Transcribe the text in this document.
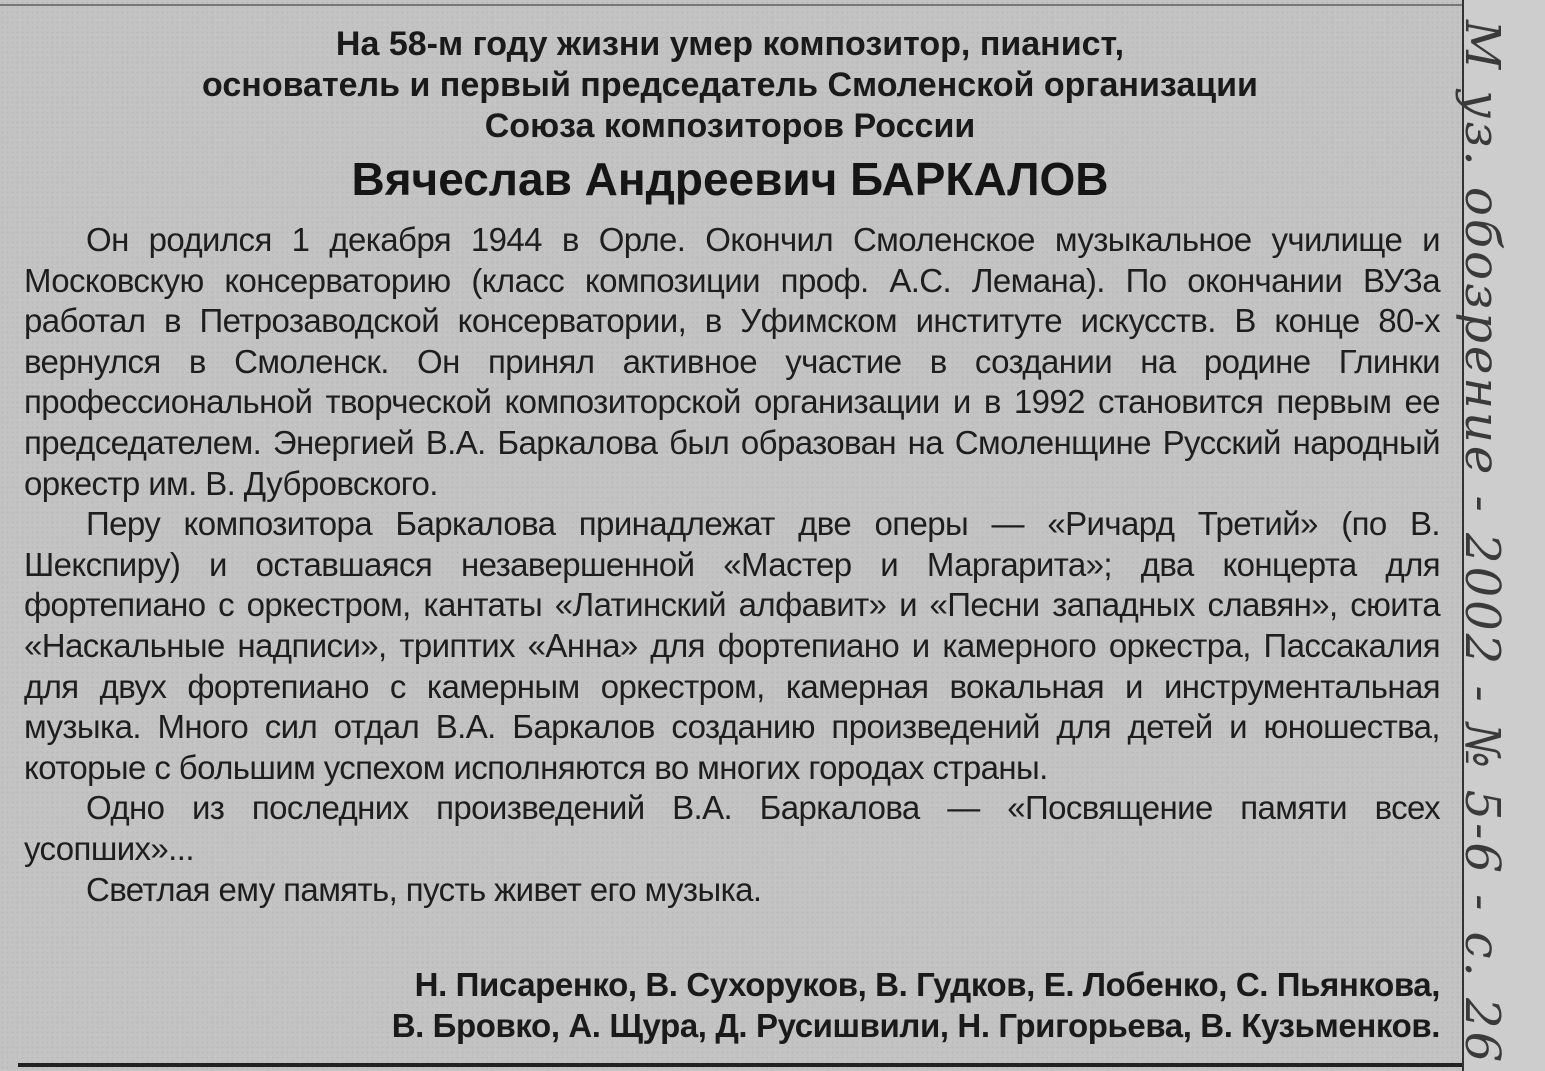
На 58-м году жизни умер композитор, пианист,
основатель и первый председатель Смоленской организации
Союза композиторов России
Вячеслав Андреевич БАРКАЛОВ

Он родился 1 декабря 1944 в Орле. Окончил Смоленское музыкальное училище и Московскую консерваторию (класс композиции проф. А.С. Лемана). По окончании ВУЗа работал в Петрозаводской консерватории, в Уфимском институте искусств. В конце 80-х вернулся в Смоленск. Он принял активное участие в создании на родине Глинки профессиональной творческой композиторской организации и в 1992 становится первым ее председателем. Энергией В.А. Баркалова был образован на Смоленщине Русский народный оркестр им. В. Дубровского.

Перу композитора Баркалова принадлежат две оперы — «Ричард Третий» (по В. Шекспиру) и оставшаяся незавершенной «Мастер и Маргарита»; два концерта для фортепиано с оркестром, кантаты «Латинский алфавит» и «Песни западных славян», сюита «Наскальные надписи», триптих «Анна» для фортепиано и камерного оркестра, Пассакалия для двух фортепиано с камерным оркестром, камерная вокальная и инструментальная музыка. Много сил отдал В.А. Баркалов созданию произведений для детей и юношества, которые с большим успехом исполняются во многих городах страны.

Одно из последних произведений В.А. Баркалова — «Посвящение памяти всех усопших»...

Светлая ему память, пусть живет его музыка.

Н. Писаренко, В. Сухоруков, В. Гудков, Е. Лобенко, С. Пьянкова,
В. Бровко, А. Щура, Д. Русишвили, Н. Григорьева, В. Кузьменков. М уз. обозрение - 2002 - № 5-6 - с. 26
